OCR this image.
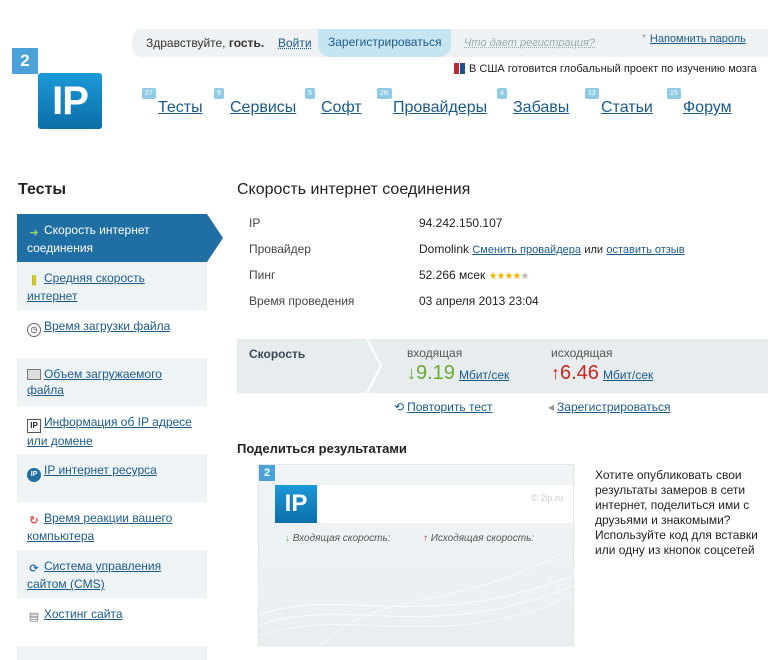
2
IP
Здравствуйте, гость. Войти	Зарегистрироваться	Что дает регистрация?	* Напомнить пароль
В США готовится глобальный проект по изучению мозга
27
Тесты
9
Сервисы
5
Софт
2K
Провайдеры
4
Забавы
13
Статьи
15
Форум
Тесты
➜ Скорость интернет соединения
⫼ Средняя скорость интернет
◷ Время загрузки файла
Объем загружаемого файла
IP Информация об IP адресе или домене
IP IP интернет ресурса
↻ Время реакции вашего компьютера
⟳ Система управления сайтом (CMS)
▤ Хостинг сайта
Скорость интернет соединения
IP	94.242.150.107
Провайдер	Domolink Сменить провайдера или оставить отзыв
Пинг	52.266 мсек ★★★★★
Время проведения	03 апреля 2013 23:04
Скорость	входящая
↓9.19 Мбит/сек
исходящая
↑6.46 Мбит/сек
⟲ Повторить тест	◂ Зарегистрироваться
Поделиться результатами
2
IP	© 2ip.ru
↓ Входящая скорость:	↑ Исходящая скорость:
Хотите опубликовать свои результаты замеров в сети интернет, поделиться ими с друзьями и знакомыми? Используйте код для вставки или одну из кнопок соцсетей
